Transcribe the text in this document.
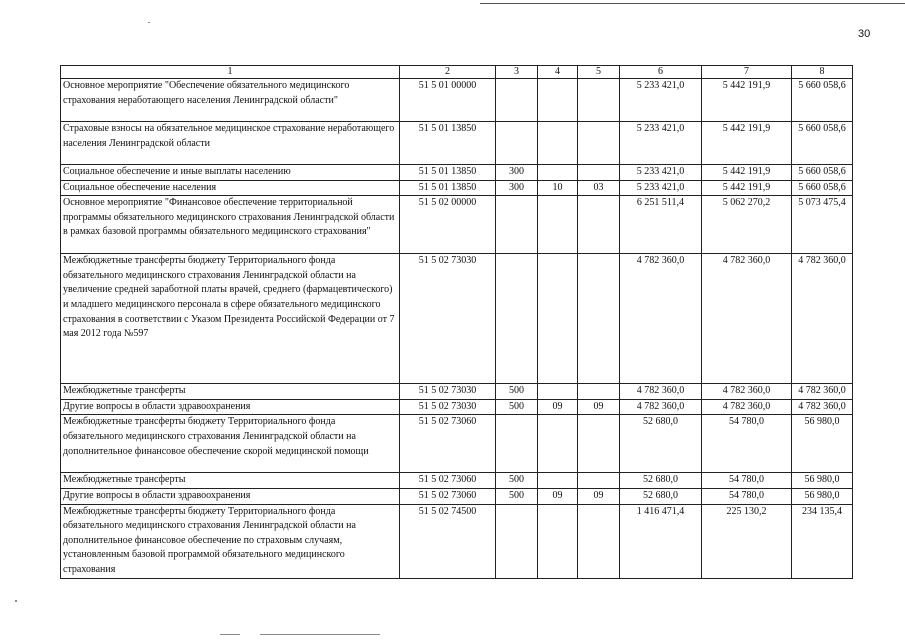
30
1	2	3	4	5	6	7	8
Основное мероприятие "Обеспечение обязательного медицинского страхования неработающего населения Ленинградской области"	51 5 01 00000				5 233 421,0	5 442 191,9	5 660 058,6
Страховые взносы на обязательное медицинское страхование неработающего населения Ленинградской области	51 5 01 13850				5 233 421,0	5 442 191,9	5 660 058,6
Социальное обеспечение и иные выплаты населению	51 5 01 13850	300			5 233 421,0	5 442 191,9	5 660 058,6
Социальное обеспечение населения	51 5 01 13850	300	10	03	5 233 421,0	5 442 191,9	5 660 058,6
Основное мероприятие "Финансовое обеспечение территориальной программы обязательного медицинского страхования Ленинградской области в рамках базовой программы обязательного медицинского страхования"	51 5 02 00000				6 251 511,4	5 062 270,2	5 073 475,4
Межбюджетные трансферты бюджету Территориального фонда обязательного медицинского страхования Ленинградской области на увеличение средней заработной платы врачей, среднего (фармацевтического) и младшего медицинского персонала в сфере обязательного медицинского страхования в соответствии с Указом Президента Российской Федерации от 7 мая 2012 года №597	51 5 02 73030				4 782 360,0	4 782 360,0	4 782 360,0
Межбюджетные трансферты	51 5 02 73030	500			4 782 360,0	4 782 360,0	4 782 360,0
Другие вопросы в области здравоохранения	51 5 02 73030	500	09	09	4 782 360,0	4 782 360,0	4 782 360,0
Межбюджетные трансферты бюджету Территориального фонда обязательного медицинского страхования Ленинградской области на дополнительное финансовое обеспечение скорой медицинской помощи	51 5 02 73060				52 680,0	54 780,0	56 980,0
Межбюджетные трансферты	51 5 02 73060	500			52 680,0	54 780,0	56 980,0
Другие вопросы в области здравоохранения	51 5 02 73060	500	09	09	52 680,0	54 780,0	56 980,0
Межбюджетные трансферты бюджету Территориального фонда обязательного медицинского страхования Ленинградской области на дополнительное финансовое обеспечение по страховым случаям, установленным базовой программой обязательного медицинского страхования	51 5 02 74500				1 416 471,4	225 130,2	234 135,4
